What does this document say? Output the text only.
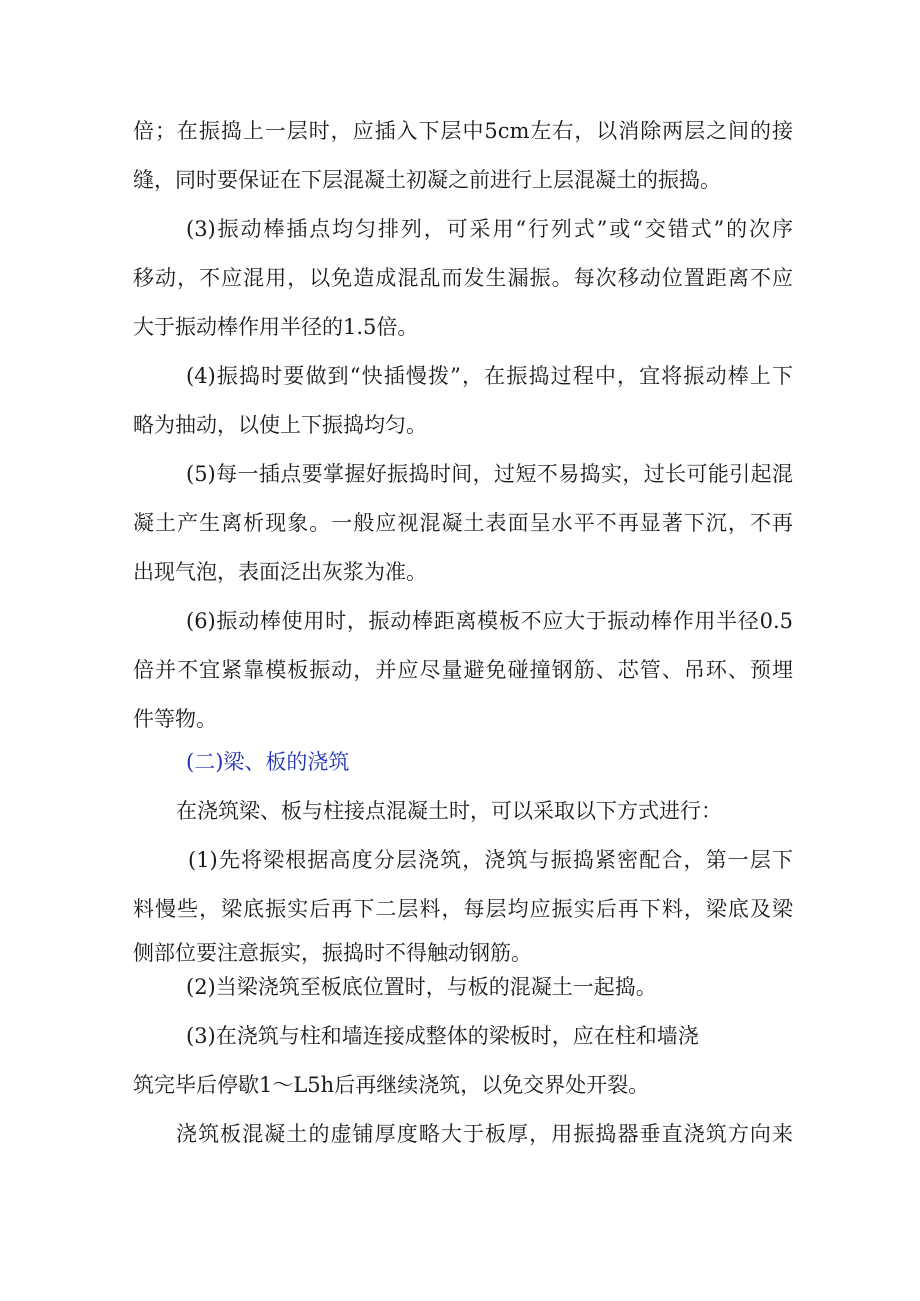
倍；在振捣上一层时，应插入下层中5cm左右，以消除两层之间的接
缝，同时要保证在下层混凝土初凝之前进行上层混凝土的振捣。
(3)振动棒插点均匀排列，可采用“行列式”或“交错式”的次序
移动，不应混用，以免造成混乱而发生漏振。每次移动位置距离不应
大于振动棒作用半径的1.5倍。
(4)振捣时要做到“快插慢拨”，在振捣过程中，宜将振动棒上下
略为抽动，以使上下振捣均匀。
(5)每一插点要掌握好振捣时间，过短不易捣实，过长可能引起混
凝土产生离析现象。一般应视混凝土表面呈水平不再显著下沉，不再
出现气泡，表面泛出灰浆为准。
(6)振动棒使用时，振动棒距离模板不应大于振动棒作用半径0.5
倍并不宜紧靠模板振动，并应尽量避免碰撞钢筋、芯管、吊环、预埋
件等物。
(二)梁、板的浇筑
在浇筑梁、板与柱接点混凝土时，可以采取以下方式进行：
(1)先将梁根据高度分层浇筑，浇筑与振捣紧密配合，第一层下
料慢些，梁底振实后再下二层料，每层均应振实后再下料，梁底及梁
侧部位要注意振实，振捣时不得触动钢筋。
(2)当梁浇筑至板底位置时，与板的混凝土一起捣。
(3)在浇筑与柱和墙连接成整体的梁板时，应在柱和墙浇
筑完毕后停歇1～L5h后再继续浇筑，以免交界处开裂。
浇筑板混凝土的虚铺厚度略大于板厚，用振捣器垂直浇筑方向来
